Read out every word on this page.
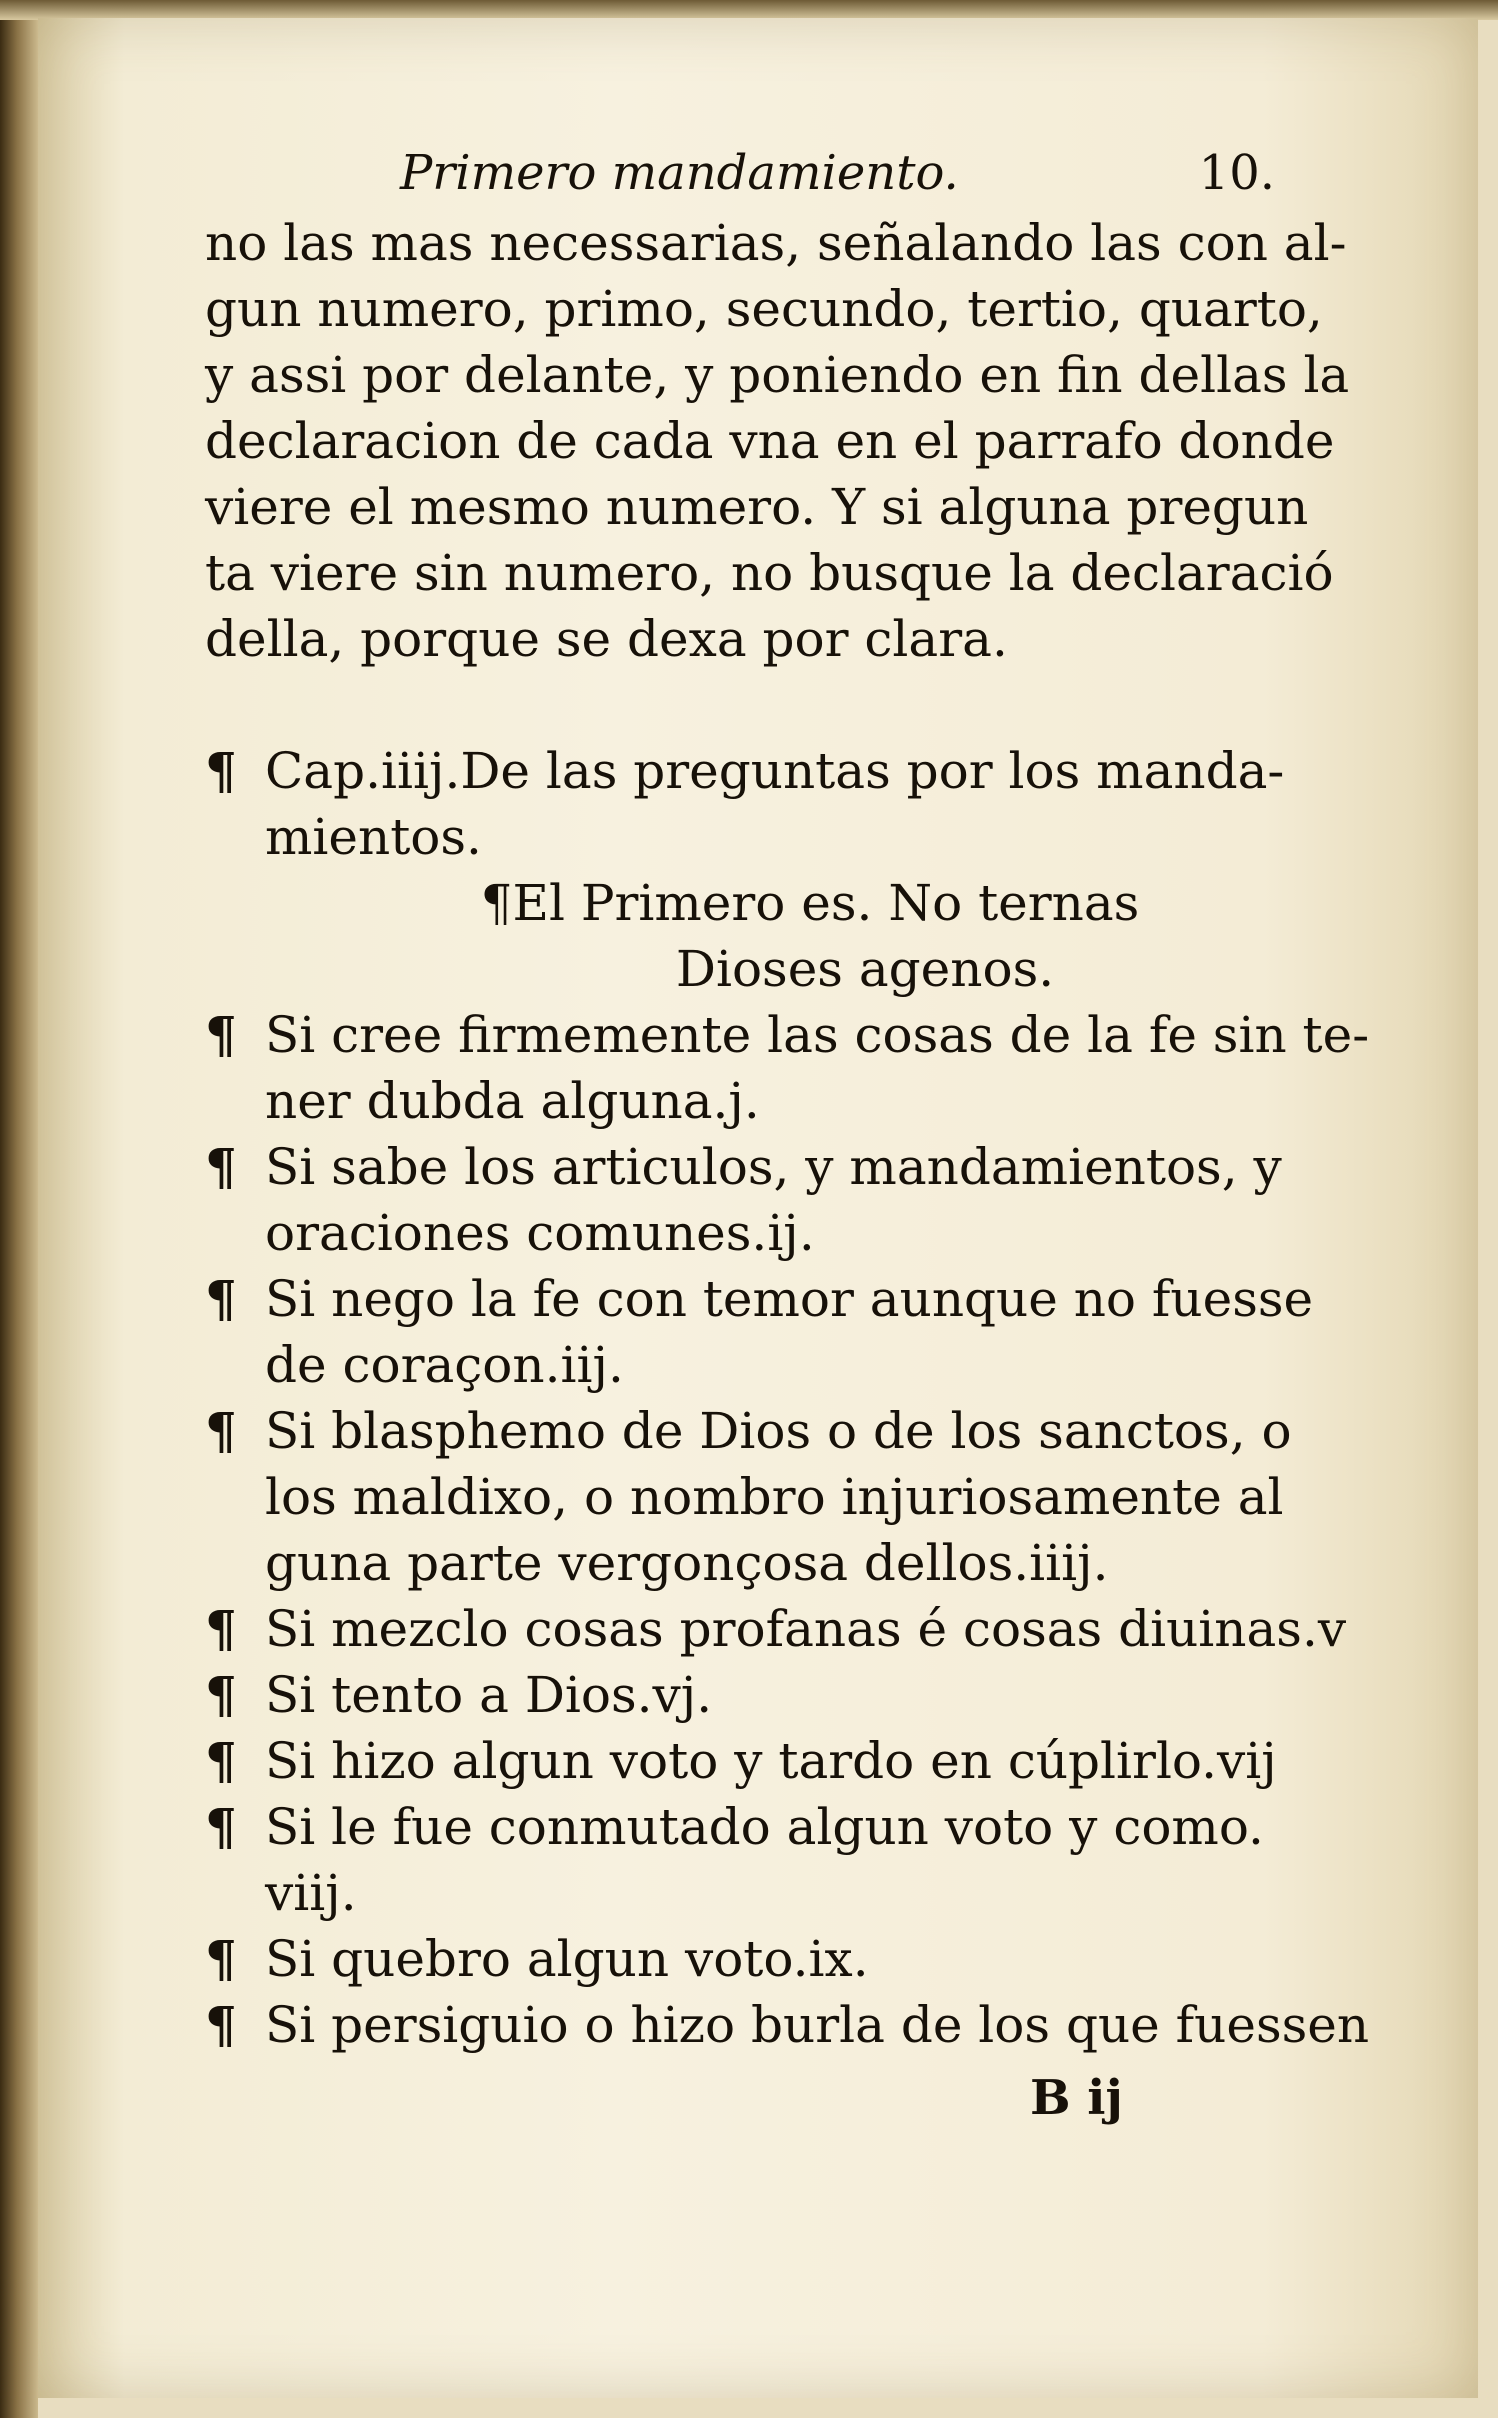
Primero mandamiento.	10.
no las mas necessarias, señalando las con al-
gun numero, primo, secundo, tertio, quarto,
y assi por delante, y poniendo en fin dellas la
declaracion de cada vna en el parrafo donde
viere el mesmo numero. Y si alguna pregun
ta viere sin numero, no busque la declaració
della, porque se dexa por clara.
¶ Cap.iiij.De las preguntas por los manda-
mientos.
¶El Primero es. No ternas
Dioses agenos.
¶ Si cree firmemente las cosas de la fe sin te-
ner dubda alguna.j.
¶ Si sabe los articulos, y mandamientos, y
oraciones comunes.ij.
¶ Si nego la fe con temor aunque no fuesse
de coraçon.iij.
¶ Si blasphemo de Dios o de los sanctos, o
los maldixo, o nombro injuriosamente al
guna parte vergonçosa dellos.iiij.
¶ Si mezclo cosas profanas é cosas diuinas.v
¶ Si tento a Dios.vj.
¶ Si hizo algun voto y tardo en cúplirlo.vij
¶ Si le fue conmutado algun voto y como.
viij.
¶ Si quebro algun voto.ix.
¶ Si persiguio o hizo burla de los que fuessen
B ij
